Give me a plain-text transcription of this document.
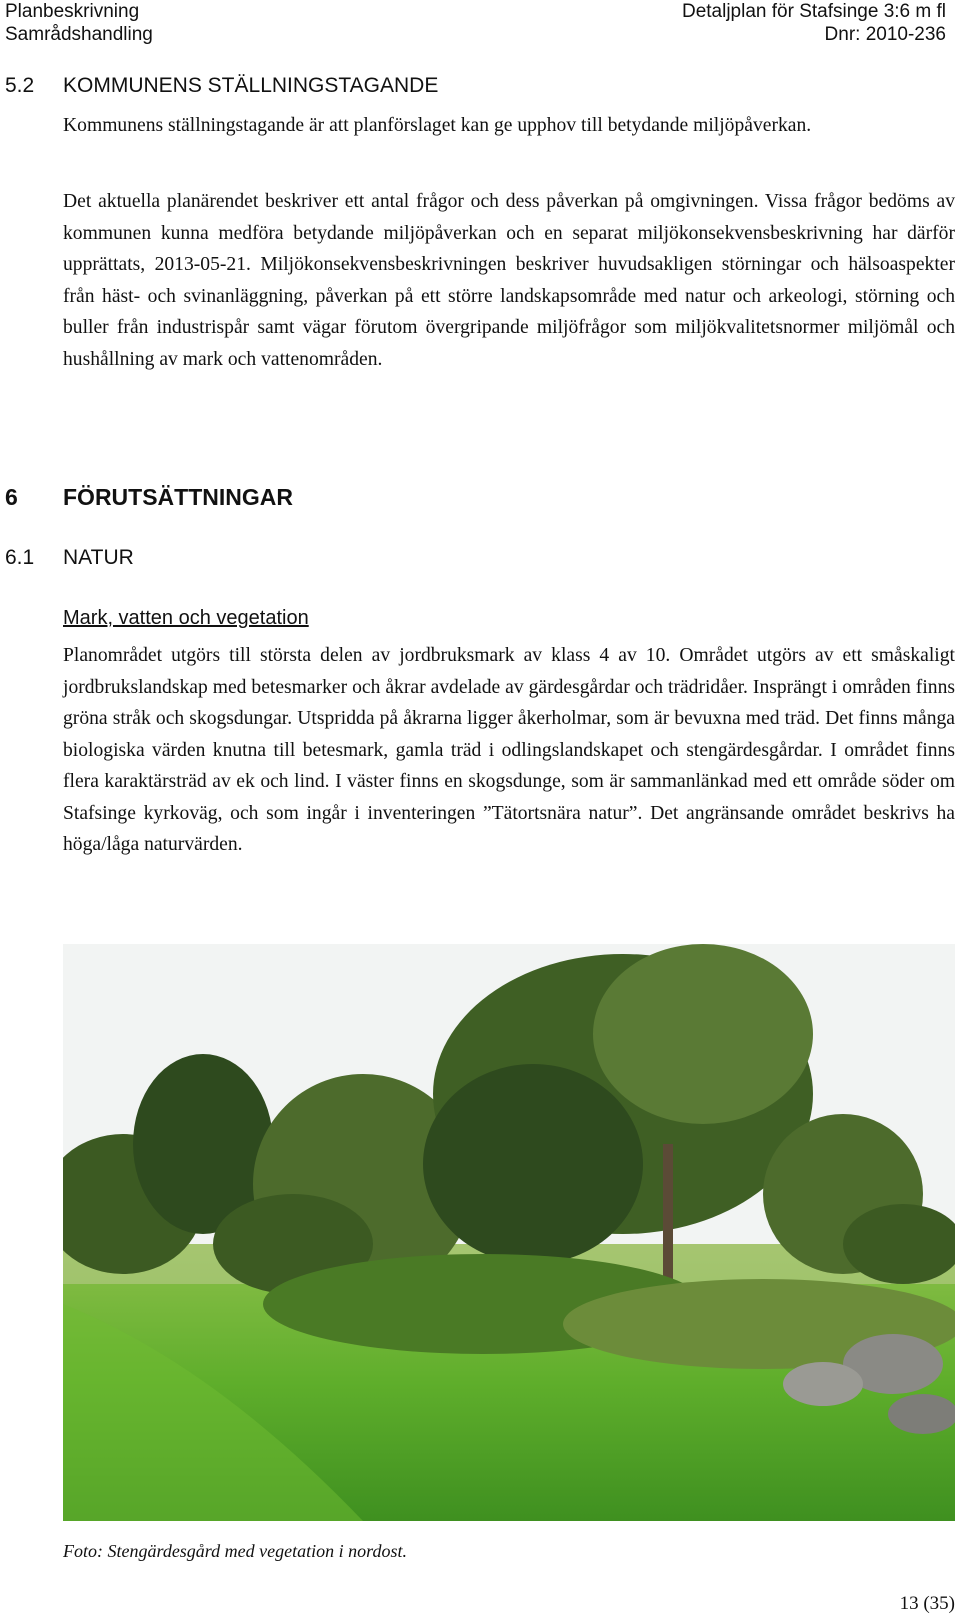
Planbeskrivning
Samrådshandling
Detaljplan för Stafsinge 3:6 m fl
Dnr: 2010-236
5.2 KOMMUNENS STÄLLNINGSTAGANDE

Kommunens ställningstagande är att planförslaget kan ge upphov till betydande miljöpåverkan.

Det aktuella planärendet beskriver ett antal frågor och dess påverkan på omgivningen. Vissa frågor bedöms av kommunen kunna medföra betydande miljöpåverkan och en separat miljökonsekvensbeskrivning har därför upprättats, 2013-05-21. Miljökonsekvensbeskrivningen beskriver huvudsakligen störningar och hälsoaspekter från häst- och svinanläggning, påverkan på ett större landskapsområde med natur och arkeologi, störning och buller från industrispår samt vägar förutom övergripande miljöfrågor som miljökvalitetsnormer miljömål och hushållning av mark och vattenområden.

6 FÖRUTSÄTTNINGAR
6.1 NATUR
Mark, vatten och vegetation

Planområdet utgörs till största delen av jordbruksmark av klass 4 av 10. Området utgörs av ett småskaligt jordbrukslandskap med betesmarker och åkrar avdelade av gärdesgårdar och trädridåer. Insprängt i områden finns gröna stråk och skogsdungar. Utspridda på åkrarna ligger åkerholmar, som är bevuxna med träd. Det finns många biologiska värden knutna till betesmark, gamla träd i odlingslandskapet och stengärdesgårdar. I området finns flera karaktärsträd av ek och lind. I väster finns en skogsdunge, som är sammanlänkad med ett område söder om Stafsinge kyrkoväg, och som ingår i inventeringen ”Tätortsnära natur”. Det angränsande området beskrivs ha höga/låga naturvärden.

Foto: Stengärdesgård med vegetation i nordost.
13 (35)
